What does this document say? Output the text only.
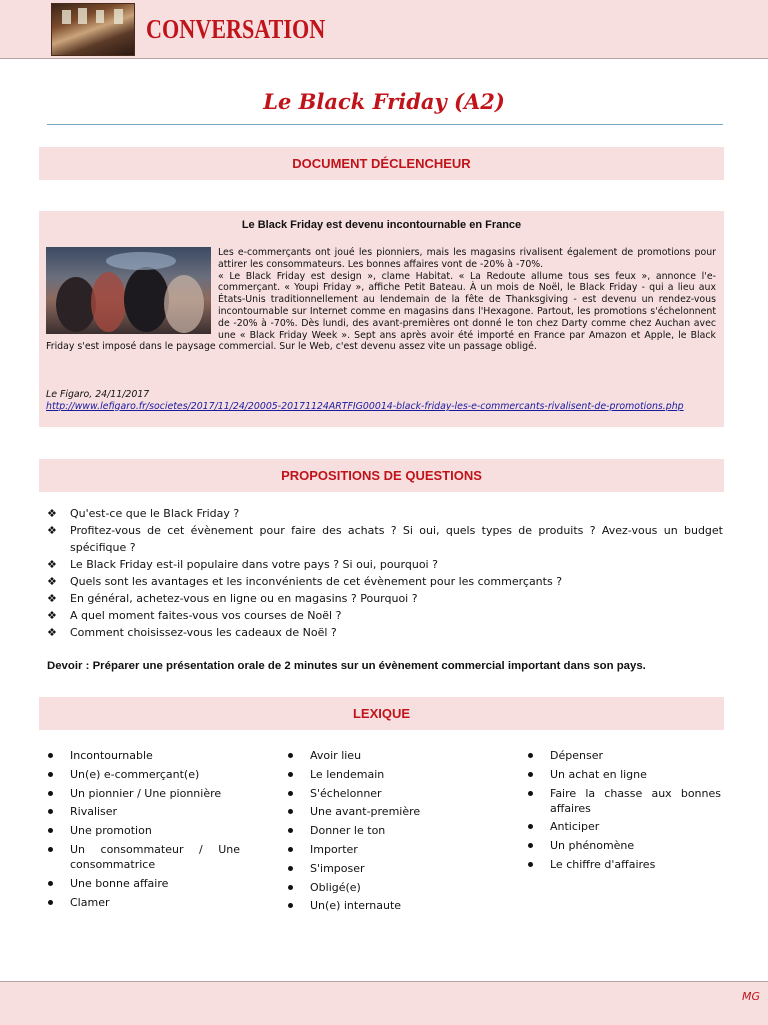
CONVERSATION
Le Black Friday (A2)
DOCUMENT DÉCLENCHEUR
Le Black Friday est devenu incontournable en France

Les e-commerçants ont joué les pionniers, mais les magasins rivalisent également de promotions pour attirer les consommateurs. Les bonnes affaires vont de -20% à -70%.

« Le Black Friday est design », clame Habitat. « La Redoute allume tous ses feux », annonce l'e-commerçant. « Youpi Friday », affiche Petit Bateau. À un mois de Noël, le Black Friday - qui a lieu aux États-Unis traditionnellement au lendemain de la fête de Thanksgiving - est devenu un rendez-vous incontournable sur Internet comme en magasins dans l'Hexagone. Partout, les promotions s'échelonnent de -20% à -70%. Dès lundi, des avant-premières ont donné le ton chez Darty comme chez Auchan avec une « Black Friday Week ». Sept ans après avoir été importé en France par Amazon et Apple, le Black Friday s'est imposé dans le paysage commercial. Sur le Web, c'est devenu assez vite un passage obligé.

Le Figaro, 24/11/2017
http://www.lefigaro.fr/societes/2017/11/24/20005-20171124ARTFIG00014-black-friday-les-e-commercants-rivalisent-de-promotions.php
PROPOSITIONS DE QUESTIONS
❖ Qu'est-ce que le Black Friday ?
❖ Profitez-vous de cet évènement pour faire des achats ? Si oui, quels types de produits ? Avez-vous un budget spécifique ?
❖ Le Black Friday est-il populaire dans votre pays ? Si oui, pourquoi ?
❖ Quels sont les avantages et les inconvénients de cet évènement pour les commerçants ?
❖ En général, achetez-vous en ligne ou en magasins ? Pourquoi ?
❖ A quel moment faites-vous vos courses de Noël ?
❖ Comment choisissez-vous les cadeaux de Noël ?
Devoir : Préparer une présentation orale de 2 minutes sur un évènement commercial important dans son pays.
LEXIQUE
Incontournable
Un(e) e-commerçant(e)
Un pionnier / Une pionnière
Rivaliser
Une promotion
Un consommateur / Une consommatrice
Une bonne affaire
Clamer
Avoir lieu
Le lendemain
S'échelonner
Une avant-première
Donner le ton
Importer
S'imposer
Obligé(e)
Un(e) internaute
Dépenser
Un achat en ligne
Faire la chasse aux bonnes affaires
Anticiper
Un phénomène
Le chiffre d'affaires
MG
